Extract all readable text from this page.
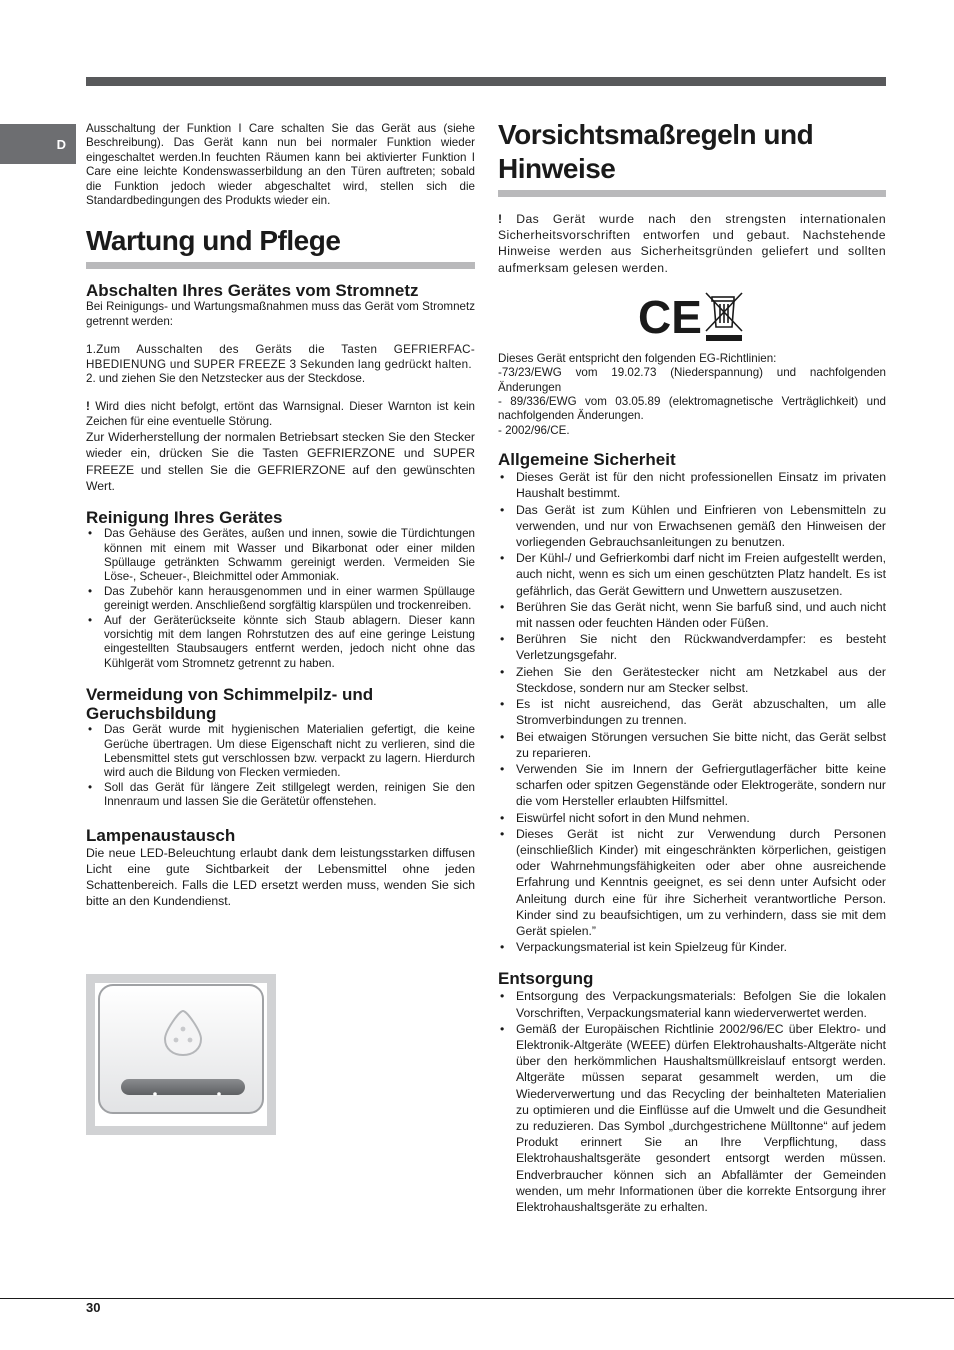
D

Ausschaltung der Funktion I Care schalten Sie das Gerät aus (siehe Beschreibung). Das Gerät kann nun bei normaler Funktion wieder eingeschaltet werden.In feuchten Räumen kann bei aktivierter Funktion I Care eine leichte Kondenswasserbildung an den Türen auftreten; sobald die Funktion jedoch wieder abgeschaltet wird, stellen sich die Standardbedingungen des Produkts wieder ein.

Wartung und Pflege
Abschalten Ihres Gerätes vom Stromnetz

Bei Reinigungs- und Wartungsmaßnahmen muss das Gerät vom Stromnetz getrennt werden:

1.Zum Ausschalten des Geräts die Tasten GEFRIERFAC-HBEDIENUNG und SUPER FREEZE 3 Sekunden lang gedrückt halten.

2. und ziehen Sie den Netzstecker aus der Steckdose.

! Wird dies nicht befolgt, ertönt das Warnsignal. Dieser Warnton ist kein Zeichen für eine eventuelle Störung.

Zur Widerherstellung der normalen Betriebsart stecken Sie den Stecker wieder ein, drücken Sie die Tasten GEFRIERZONE und SUPER FREEZE und stellen Sie die GEFRIERZONE auf den gewünschten Wert.

Reinigung Ihres Gerätes
• Das Gehäuse des Gerätes, außen und innen, sowie die Türdichtungen können mit einem mit Wasser und Bikarbonat oder einer milden Spüllauge getränkten Schwamm gereinigt werden. Vermeiden Sie Löse-, Scheuer-, Bleichmittel oder Ammoniak.
• Das Zubehör kann herausgenommen und in einer warmen Spüllauge gereinigt werden. Anschließend sorgfältig klarspülen und trockenreiben.
• Auf der Geräterückseite könnte sich Staub ablagern. Dieser kann vorsichtig mit dem langen Rohrstutzen des auf eine geringe Leistung eingestellten Staubsaugers entfernt werden, jedoch nicht ohne das Kühlgerät vom Stromnetz getrennt zu haben.
Vermeidung von Schimmelpilz- und Geruchsbildung
• Das Gerät wurde mit hygienischen Materialien gefertigt, die keine Gerüche übertragen. Um diese Eigenschaft nicht zu verlieren, sind die Lebensmittel stets gut verschlossen bzw. verpackt zu lagern. Hierdurch wird auch die Bildung von Flecken vermieden.
• Soll das Gerät für längere Zeit stillgelegt werden, reinigen Sie den Innenraum und lassen Sie die Gerätetür offenstehen.
Lampenaustausch

Die neue LED-Beleuchtung erlaubt dank dem leistungsstarken diffusen Licht eine gute Sichtbarkeit der Lebensmittel ohne jeden Schattenbereich. Falls die LED ersetzt werden muss, wenden Sie sich bitte an den Kundendienst.

Vorsichtsmaßregeln und Hinweise

! Das Gerät wurde nach den strengsten internationalen Sicherheitsvorschriften entworfen und gebaut. Nachstehende Hinweise werden aus Sicherheitsgründen geliefert und sollten aufmerksam gelesen werden.

CE

Dieses Gerät entspricht den folgenden EG-Richtlinien:

-73/23/EWG vom 19.02.73 (Niederspannung) und nachfolgenden Änderungen

- 89/336/EWG vom 03.05.89 (elektromagnetische Verträglichkeit) und nachfolgenden Änderungen.

- 2002/96/CE.

Allgemeine Sicherheit
• Dieses Gerät ist für den nicht professionellen Einsatz im privaten Haushalt bestimmt.
• Das Gerät ist zum Kühlen und Einfrieren von Lebensmitteln zu verwenden, und nur von Erwachsenen gemäß den Hinweisen der vorliegenden Gebrauchsanleitungen zu benutzen.
• Der Kühl-/ und Gefrierkombi darf nicht im Freien aufgestellt werden, auch nicht, wenn es sich um einen geschützten Platz handelt. Es ist gefährlich, das Gerät Gewittern und Unwettern auszusetzen.
• Berühren Sie das Gerät nicht, wenn Sie barfuß sind, und auch nicht mit nassen oder feuchten Händen oder Füßen.
• Berühren Sie nicht den Rückwandverdampfer: es besteht Verletzungsgefahr.
• Ziehen Sie den Gerätestecker nicht am Netzkabel aus der Steckdose, sondern nur am Stecker selbst.
• Es ist nicht ausreichend, das Gerät abzuschalten, um alle Stromverbindungen zu trennen.
• Bei etwaigen Störungen versuchen Sie bitte nicht, das Gerät selbst zu reparieren.
• Verwenden Sie im Innern der Gefriergutlagerfächer bitte keine scharfen oder spitzen Gegenstände oder Elektrogeräte, sondern nur die vom Hersteller erlaubten Hilfsmittel.
• Eiswürfel nicht sofort in den Mund nehmen.
• Dieses Gerät ist nicht zur Verwendung durch Personen (einschließlich Kinder) mit eingeschränkten körperlichen, geistigen oder Wahrnehmungsfähigkeiten oder aber ohne ausreichende Erfahrung und Kenntnis geeignet, es sei denn unter Aufsicht oder Anleitung durch eine für ihre Sicherheit verantwortliche Person. Kinder sind zu beaufsichtigen, um zu verhindern, dass sie mit dem Gerät spielen.”
• Verpackungsmaterial ist kein Spielzeug für Kinder.
Entsorgung
• Entsorgung des Verpackungsmaterials: Befolgen Sie die lokalen Vorschriften, Verpackungsmaterial kann wiederverwertet werden.
• Gemäß der Europäischen Richtlinie 2002/96/EC über Elektro- und Elektronik-Altgeräte (WEEE) dürfen Elektrohaushalts-Altgeräte nicht über den herkömmlichen Haushaltsmüllkreislauf entsorgt werden. Altgeräte müssen separat gesammelt werden, um die Wiederverwertung und das Recycling der beinhalteten Materialien zu optimieren und die Einflüsse auf die Umwelt und die Gesundheit zu reduzieren. Das Symbol „durchgestrichene Mülltonne“ auf jedem Produkt erinnert Sie an Ihre Verpflichtung, dass Elektrohaushaltsgeräte gesondert entsorgt werden müssen. Endverbraucher können sich an Abfallämter der Gemeinden wenden, um mehr Informationen über die korrekte Entsorgung ihrer Elektrohaushaltsgeräte zu erhalten.
30
